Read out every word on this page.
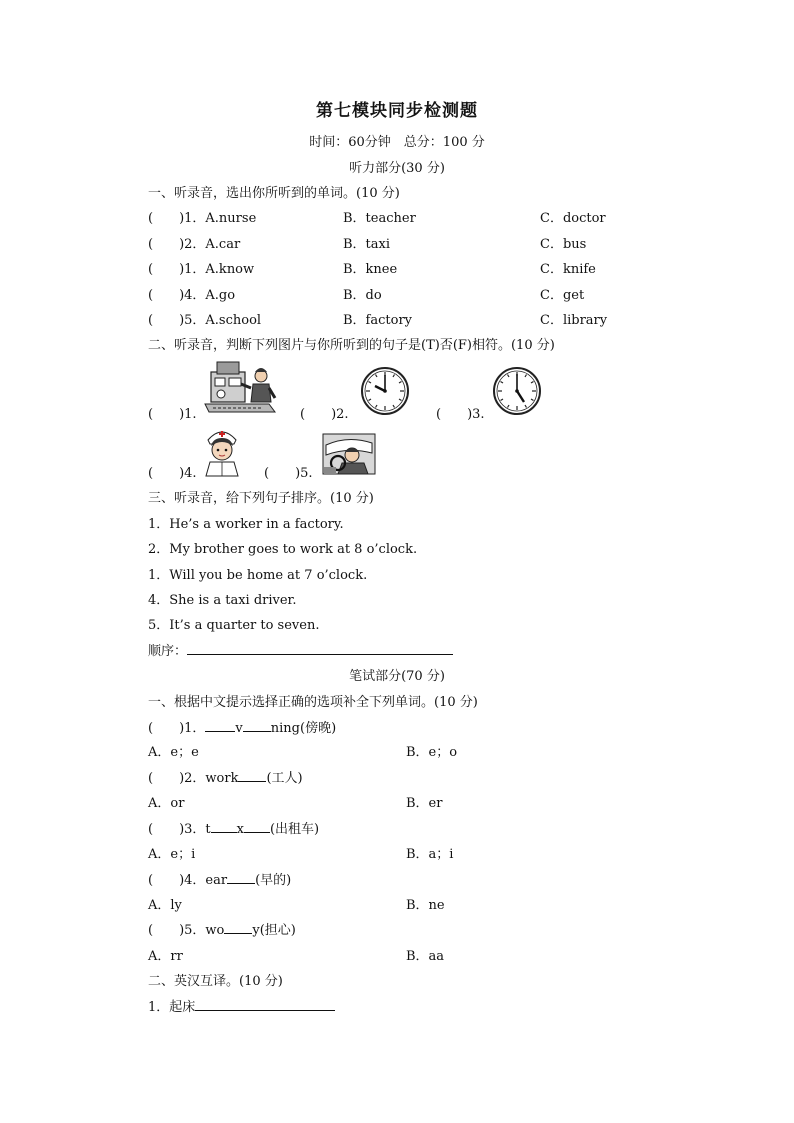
第七模块同步检测题
时间：60分钟　总分：100 分
听力部分(30 分)
一、听录音，选出你所听到的单词。(10 分)
(　　)1．A.nurse	B．teacher	C．doctor
(　　)2．A.car	B．taxi	C．bus
(　　)1．A.know	B．knee	C．knife
(　　)4．A.go	B．do	C．get
(　　)5．A.school	B．factory	C．library
二、听录音，判断下列图片与你所听到的句子是(T)否(F)相符。(10 分)
(　　)1.	(　　)2.	(　　)3.
(　　)4.	(　　)5.
三、听录音，给下列句子排序。(10 分)
1．He’s a worker in a factory.
2．My brother goes to work at 8 o’clock.
1．Will you be home at 7 o’clock.
4．She is a taxi driver.
5．It’s a quarter to seven.
顺序：
笔试部分(70 分)
一、根据中文提示选择正确的选项补全下列单词。(10 分)
(　　)1． v ning(傍晚)
A．e；e	B．e；o
(　　)2．work (工人)
A．or	B．er
(　　)3．t x (出租车)
A．e；i	B．a；i
(　　)4．ear (早的)
A．ly	B．ne
(　　)5．wo y(担心)
A．rr	B．aa
二、英汉互译。(10 分)
1．起床
